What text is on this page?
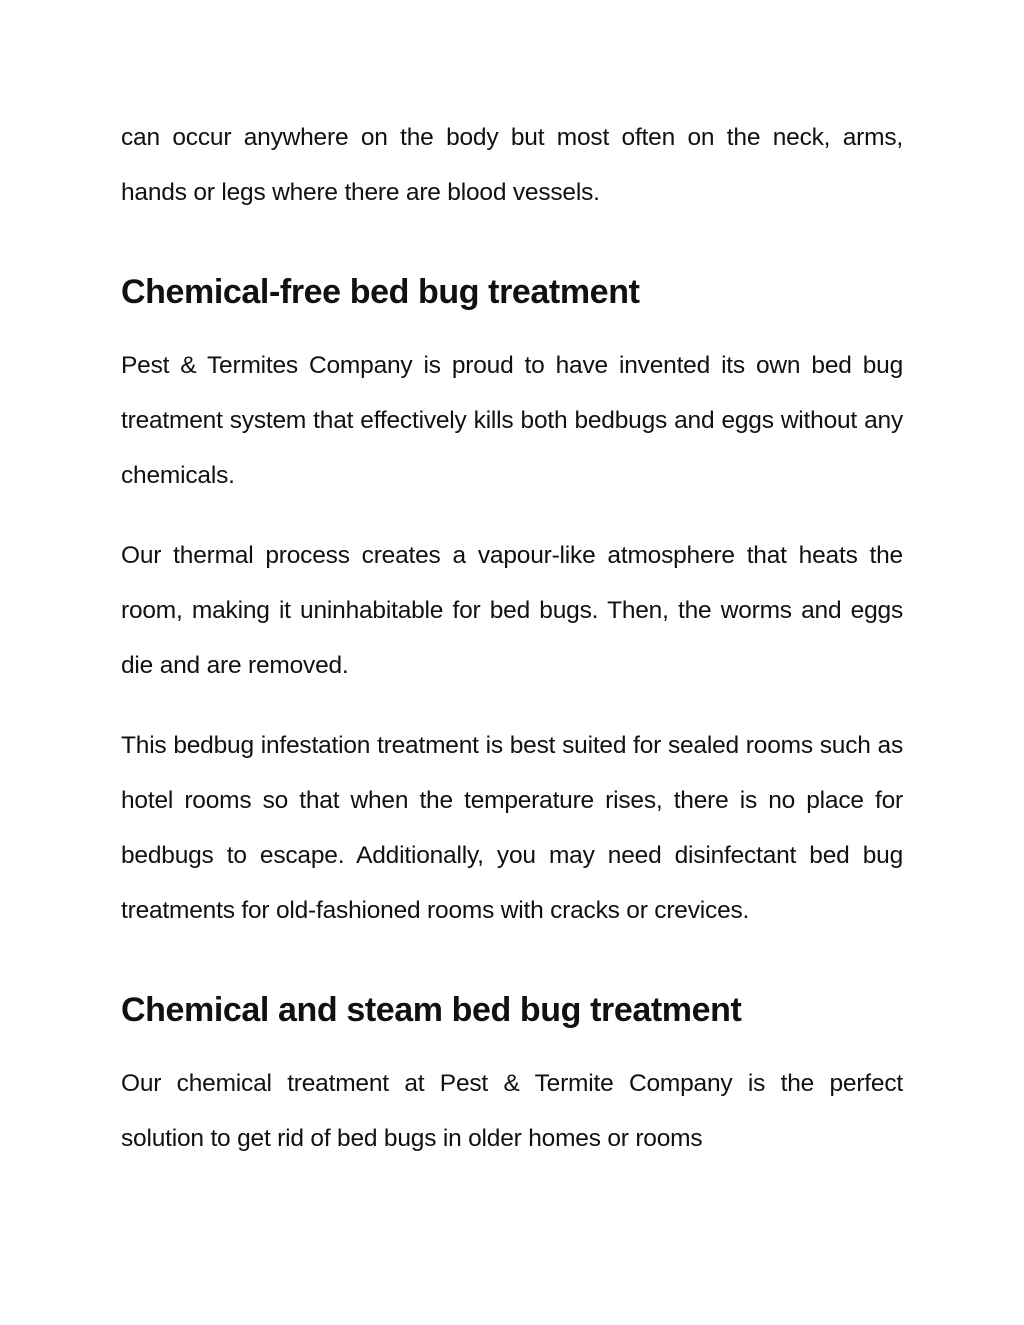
can occur anywhere on the body but most often on the neck, arms, hands or legs where there are blood vessels.

Chemical-free bed bug treatment

Pest & Termites Company is proud to have invented its own bed bug treatment system that effectively kills both bedbugs and eggs without any chemicals.

Our thermal process creates a vapour-like atmosphere that heats the room, making it uninhabitable for bed bugs. Then, the worms and eggs die and are removed.

This bedbug infestation treatment is best suited for sealed rooms such as hotel rooms so that when the temperature rises, there is no place for bedbugs to escape. Additionally, you may need disinfectant bed bug treatments for old-fashioned rooms with cracks or crevices.

Chemical and steam bed bug treatment

Our chemical treatment at Pest & Termite Company is the perfect solution to get rid of bed bugs in older homes or rooms
